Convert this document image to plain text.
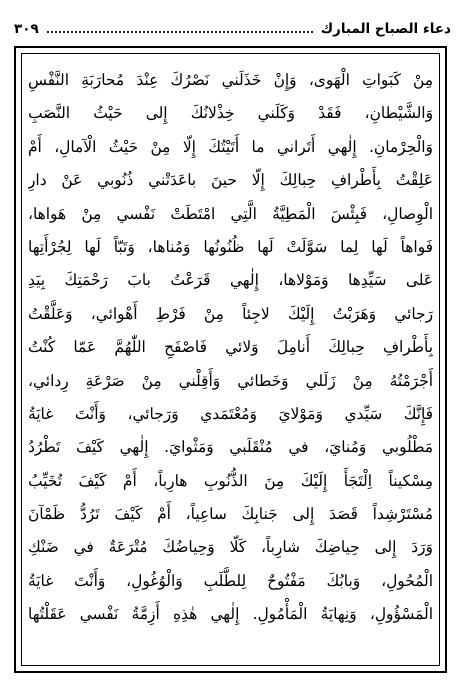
دعاء الصباح المبارك
٣٠٩
مِنْ كَبَواتِ الْهَوى، وَإِنْ خَذَلَني نَصْرُكَ عِنْدَ مُحارَبَةِ النَّفْسِ
وَالشَّيْطانِ، فَقَدْ وَكَلَني خِذْلانُكَ إِلى حَيْثُ النَّصَبِ
وَالْحِرْمانِ. إِلٰهي أَتَراني ما أَتَيْتُكَ إِلّا مِنْ حَيْثُ الْآمالِ، أَمْ
عَلِقْتُ بِأَطْرافِ حِبالِكَ إِلّا حينَ باعَدَتْني ذُنُوبي عَنْ دارِ
الْوِصالِ، فَبِئْسَ الْمَطِيَّةُ الَّتِي امْتَطَتْ نَفْسي مِنْ هَواها،
فَواهاً لَها لِما سَوَّلَتْ لَها ظُنُونُها وَمُناها، وَتَبّاً لَها لِجُرْأَتِها
عَلى سَيِّدِها وَمَوْلاها، إِلٰهي قَرَعْتُ بابَ رَحْمَتِكَ بِيَدِ
رَجائي وَهَرَبْتُ إِلَيْكَ لاجِئاً مِنْ فَرْطِ أَهْوائي، وَعَلَّقْتُ
بِأَطْرافِ حِبالِكَ أَنامِلَ وَلائي فَاصْفَحِ اللّٰهُمَّ عَمّا كُنْتُ
أَجْرَمْتُهُ مِنْ زَلَلي وَخَطائي وَأَقِلْني مِنْ صَرْعَةِ رِدائي،
فَإِنَّكَ سَيِّدي وَمَوْلايَ وَمُعْتَمَدي وَرَجائي، وَأَنْتَ غايَةُ
مَطْلُوبي وَمُنايَ، في مُنْقَلَبي وَمَثْوايَ. إِلٰهي كَيْفَ تَطْرُدُ
مِسْكيناً اِلْتَجَأَ إِلَيْكَ مِنَ الذُّنُوبِ هارِباً، أَمْ كَيْفَ تُخَيِّبُ
مُسْتَرْشِداً قَصَدَ إِلى جَنابِكَ ساعِياً، أَمْ كَيْفَ تَرُدُّ ظَمْآنَ
وَرَدَ إِلى حِياضِكَ شارِباً، كَلّا وَحِياضُكَ مُتْرَعَةٌ في ضَنْكِ
الْمُحُولِ، وَبابُكَ مَفْتُوحٌ لِلطَّلَبِ وَالْوُغُولِ، وَأَنْتَ غايَةُ
الْمَسْؤُولِ، وَنِهايَةُ الْمَأْمُولِ. إِلٰهي هٰذِهِ أَزِمَّةُ نَفْسي عَقَلْتُها
